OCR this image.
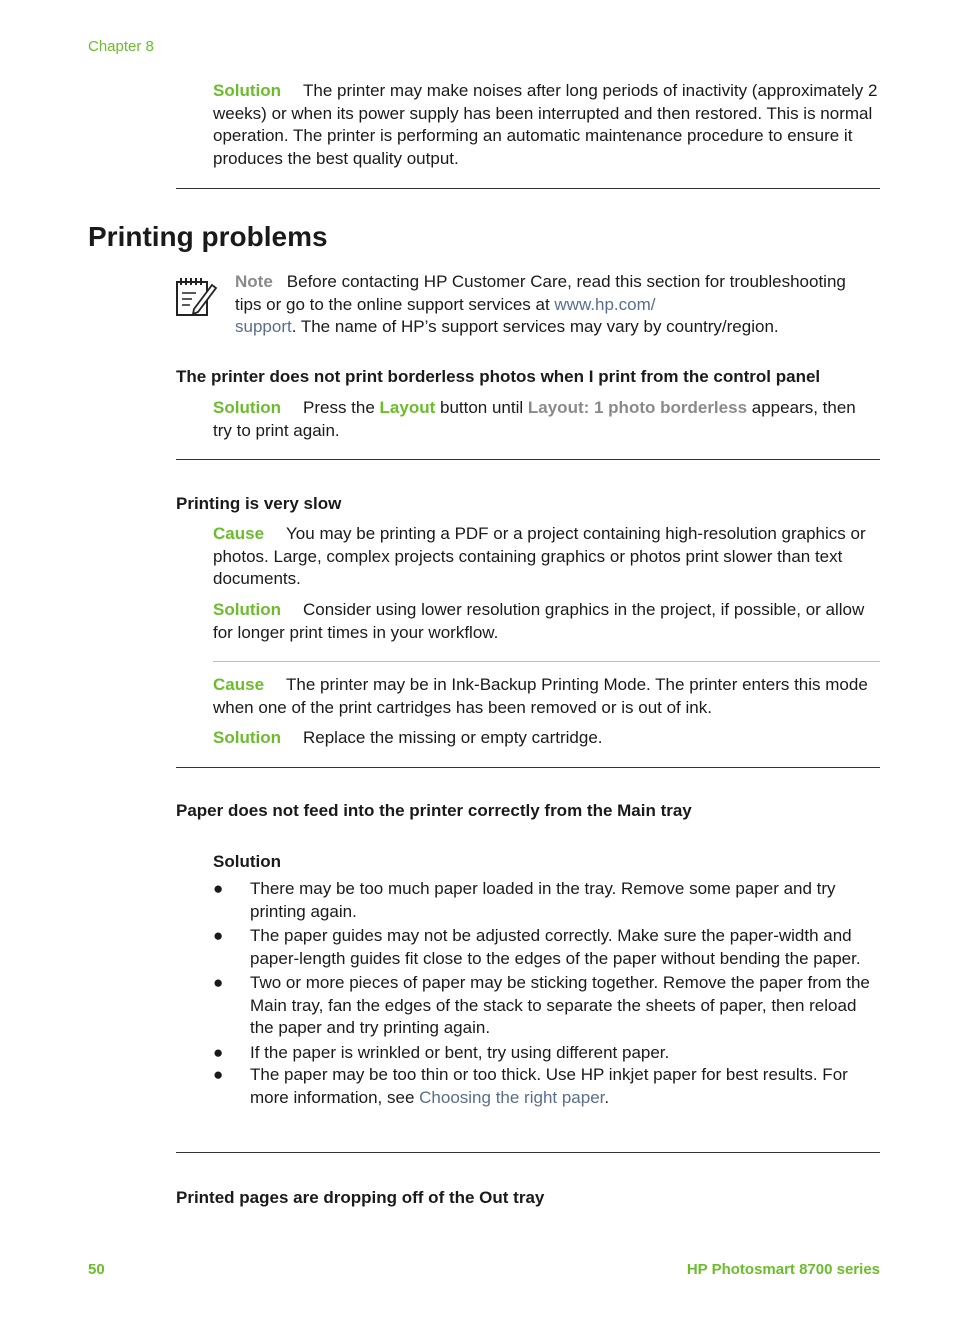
Chapter 8
Solution The printer may make noises after long periods of inactivity (approximately 2 weeks) or when its power supply has been interrupted and then restored. This is normal operation. The printer is performing an automatic maintenance procedure to ensure it produces the best quality output.
Printing problems
Note Before contacting HP Customer Care, read this section for troubleshooting tips or go to the online support services at www.hp.com/
support. The name of HP’s support services may vary by country/region.
The printer does not print borderless photos when I print from the control panel
Solution Press the Layout button until Layout: 1 photo borderless appears, then try to print again.
Printing is very slow
Cause You may be printing a PDF or a project containing high-resolution graphics or photos. Large, complex projects containing graphics or photos print slower than text documents.
Solution Consider using lower resolution graphics in the project, if possible, or allow for longer print times in your workflow.
Cause The printer may be in Ink-Backup Printing Mode. The printer enters this mode when one of the print cartridges has been removed or is out of ink.
Solution Replace the missing or empty cartridge.
Paper does not feed into the printer correctly from the Main tray
Solution
● There may be too much paper loaded in the tray. Remove some paper and try printing again.
● The paper guides may not be adjusted correctly. Make sure the paper-width and paper-length guides fit close to the edges of the paper without bending the paper.
● Two or more pieces of paper may be sticking together. Remove the paper from the Main tray, fan the edges of the stack to separate the sheets of paper, then reload the paper and try printing again.
● If the paper is wrinkled or bent, try using different paper.
● The paper may be too thin or too thick. Use HP inkjet paper for best results. For more information, see Choosing the right paper.
Printed pages are dropping off of the Out tray
50	HP Photosmart 8700 series
